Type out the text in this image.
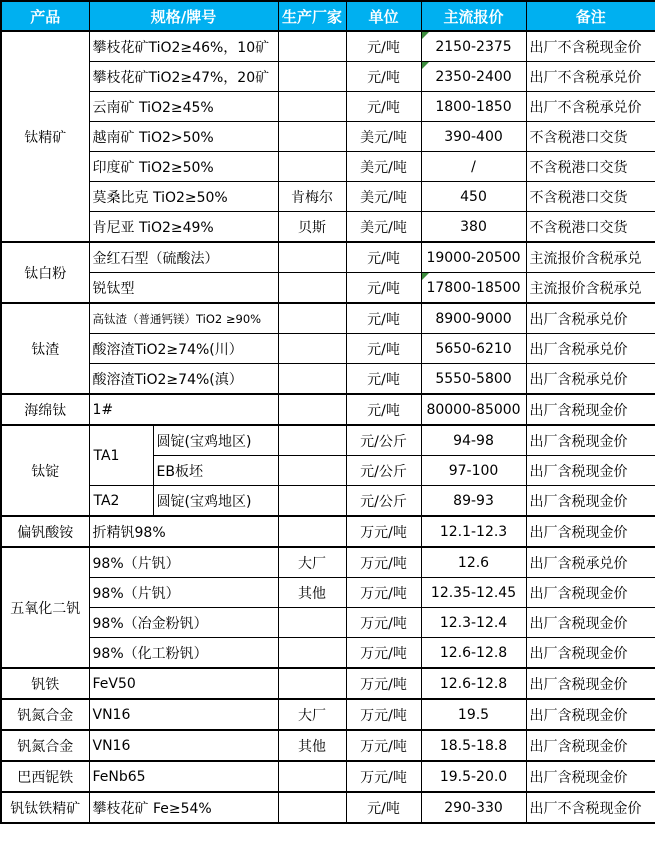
产品	规格/牌号		生产厂家	单位	主流报价	备注
钛精矿	攀枝花矿TiO2≥46%，10矿			元/吨	2150-2375	出厂不含税现金价
	攀枝花矿TiO2≥47%，20矿			元/吨	2350-2400	出厂不含税承兑价
	云南矿 TiO2≥45%			元/吨	1800-1850	出厂不含税承兑价
	越南矿 TiO2>50%			美元/吨	390-400	不含税港口交货
	印度矿 TiO2≥50%			美元/吨	/	不含税港口交货
	莫桑比克 TiO2≥50%		肯梅尔	美元/吨	450	不含税港口交货
	肯尼亚 TiO2≥49%		贝斯	美元/吨	380	不含税港口交货
钛白粉	金红石型（硫酸法）			元/吨	19000-20500	主流报价含税承兑
	锐钛型			元/吨	17800-18500	主流报价含税承兑
钛渣	高钛渣（普通钙镁）TiO2 ≥90%			元/吨	8900-9000	出厂含税承兑价
	酸溶渣TiO2≥74%(川）			元/吨	5650-6210	出厂含税承兑价
	酸溶渣TiO2≥74%(滇）			元/吨	5550-5800	出厂含税承兑价
海绵钛	1#			元/吨	80000-85000	出厂含税现金价
钛锭	TA1	圆锭(宝鸡地区)		元/公斤	94-98	出厂含税现金价
		EB板坯		元/公斤	97-100	出厂含税现金价
	TA2	圆锭(宝鸡地区)		元/公斤	89-93	出厂含税现金价
偏钒酸铵	折精钒98%			万元/吨	12.1-12.3	出厂含税现金价
五氧化二钒	98%（片钒）		大厂	万元/吨	12.6	出厂含税承兑价
	98%（片钒）		其他	万元/吨	12.35-12.45	出厂含税现金价
	98%（冶金粉钒）			万元/吨	12.3-12.4	出厂含税现金价
	98%（化工粉钒）			万元/吨	12.6-12.8	出厂含税现金价
钒铁	FeV50			万元/吨	12.6-12.8	出厂含税现金价
钒氮合金	VN16		大厂	万元/吨	19.5	出厂含税现金价
钒氮合金	VN16		其他	万元/吨	18.5-18.8	出厂含税现金价
巴西铌铁	FeNb65			万元/吨	19.5-20.0	出厂含税现金价
钒钛铁精矿	攀枝花矿 Fe≥54%			元/吨	290-330	出厂不含税现金价
